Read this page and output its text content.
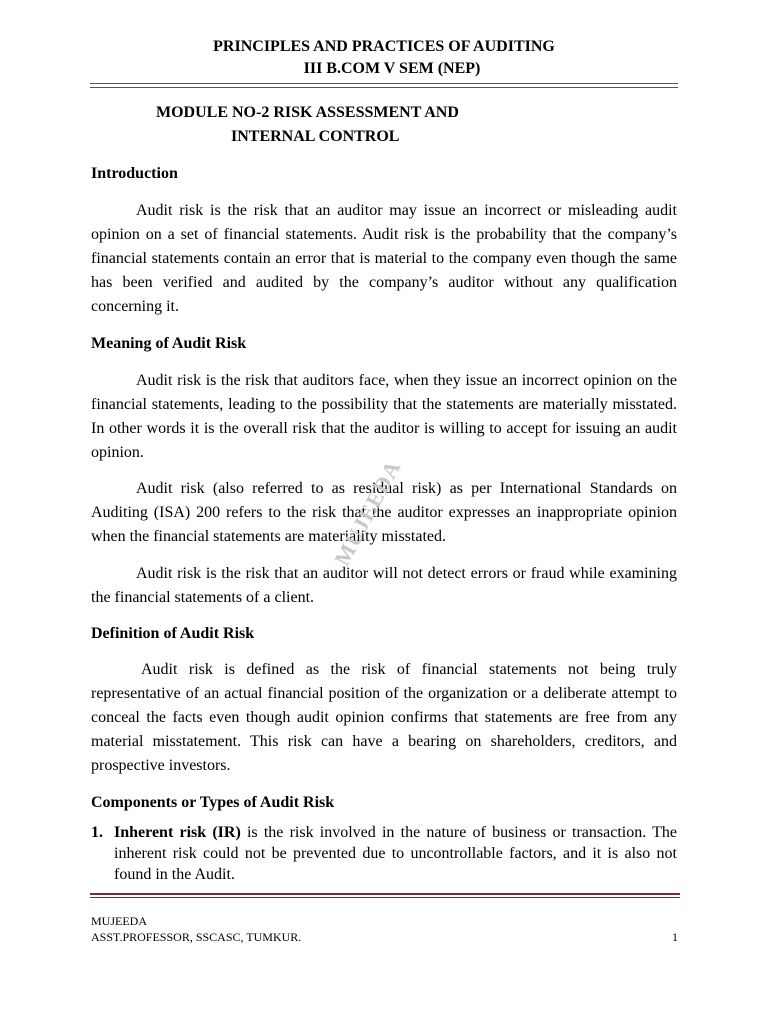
PRINCIPLES AND PRACTICES OF AUDITING
III B.COM V SEM (NEP)
MODULE NO-2 RISK ASSESSMENT AND
INTERNAL CONTROL
Introduction

Audit risk is the risk that an auditor may issue an incorrect or misleading audit opinion on a set of financial statements. Audit risk is the probability that the company’s financial statements contain an error that is material to the company even though the same has been verified and audited by the company’s auditor without any qualification concerning it.

Meaning of Audit Risk

Audit risk is the risk that auditors face, when they issue an incorrect opinion on the financial statements, leading to the possibility that the statements are materially misstated. In other words it is the overall risk that the auditor is willing to accept for issuing an audit opinion.

Audit risk (also referred to as residual risk) as per International Standards on Auditing (ISA) 200 refers to the risk that the auditor expresses an inappropriate opinion when the financial statements are materiality misstated.

Audit risk is the risk that an auditor will not detect errors or fraud while examining the financial statements of a client.

Definition of Audit Risk

Audit risk is defined as the risk of financial statements not being truly representative of an actual financial position of the organization or a deliberate attempt to conceal the facts even though audit opinion confirms that statements are free from any material misstatement. This risk can have a bearing on shareholders, creditors, and prospective investors.

Components or Types of Audit Risk
1. Inherent risk (IR) is the risk involved in the nature of business or transaction. The inherent risk could not be prevented due to uncontrollable factors, and it is also not found in the Audit.
MUJEEDA
MUJEEDA
ASST.PROFESSOR, SSCASC, TUMKUR.	1
